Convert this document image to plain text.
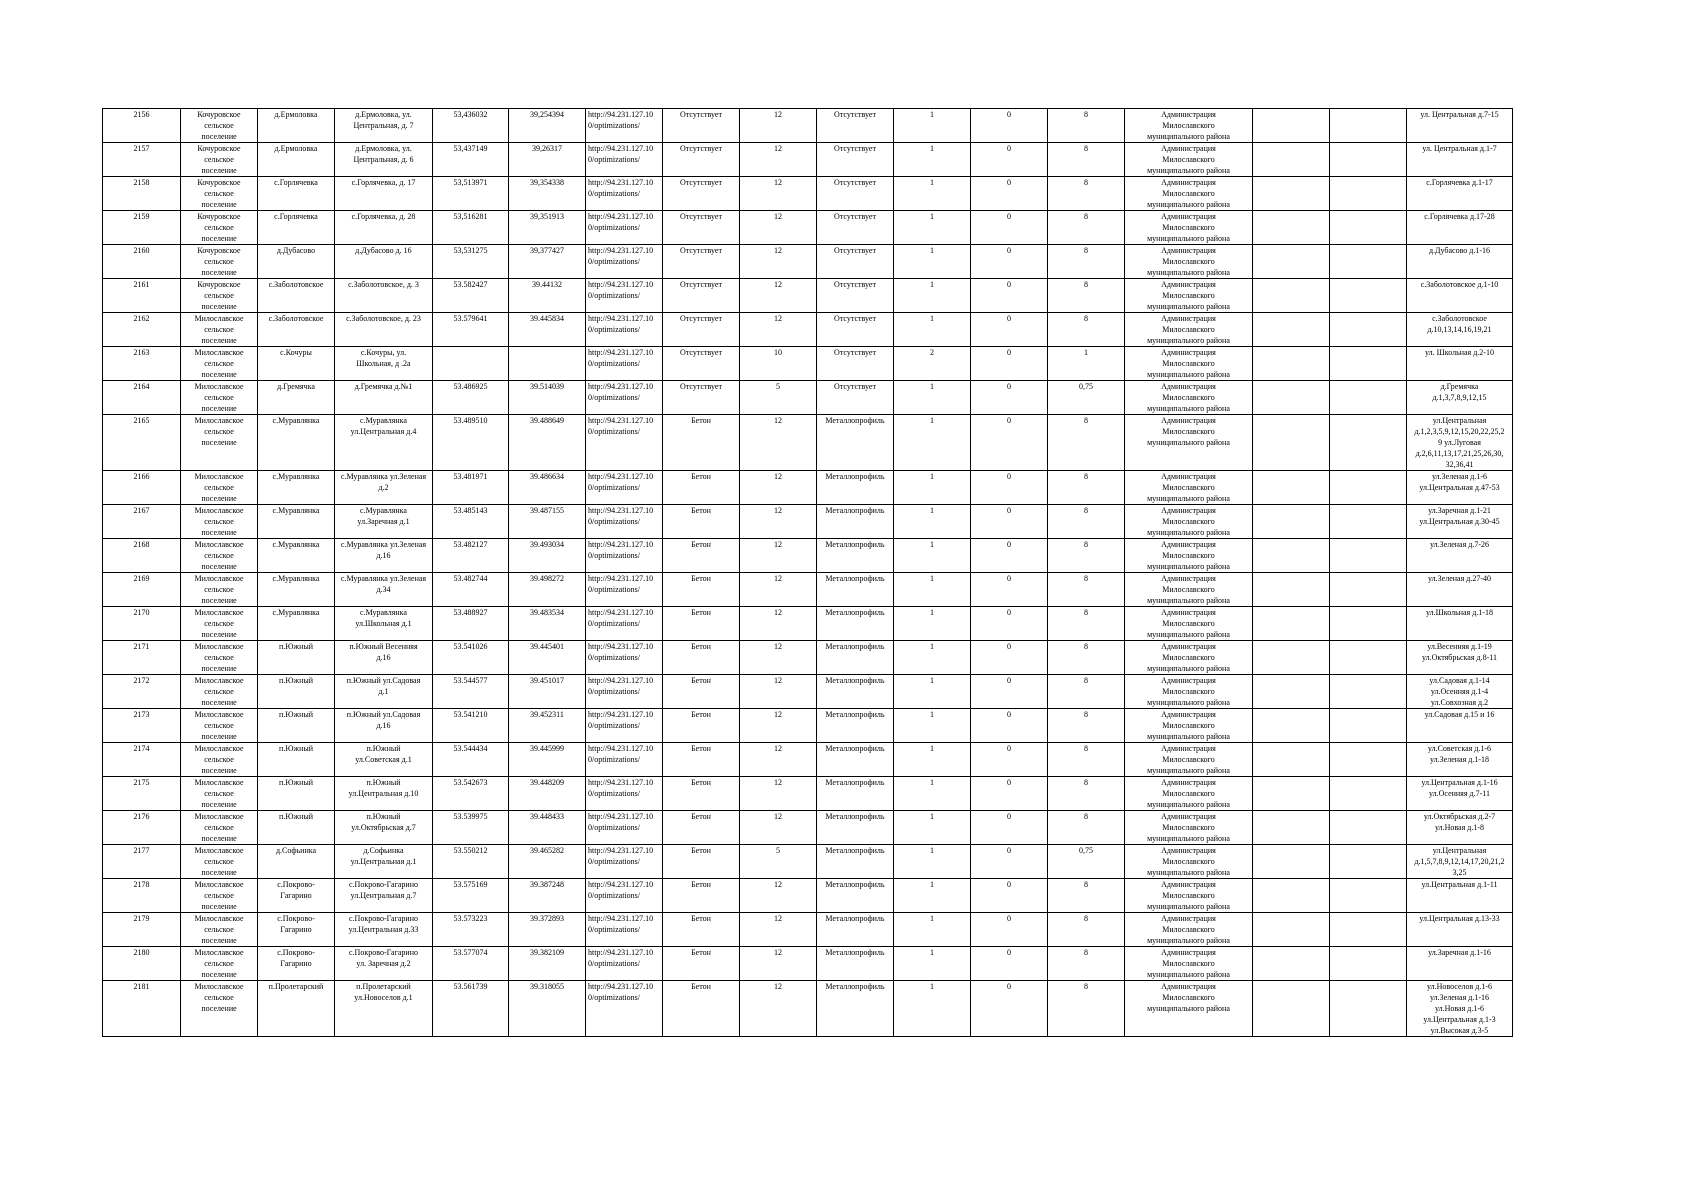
2156	Кочуровское
сельское
поселение	д.Ермоловка	д.Ермоловка, ул.
Центральная, д. 7	53,436032	39,254394	http://94.231.127.10
0/optimizations/	Отсутствует	12	Отсутствует	1	0	8	Администрация
Милославского
муниципального района			ул. Центральная д.7-15
2157	Кочуровское
сельское
поселение	д.Ермоловка	д.Ермоловка, ул.
Центральная, д. 6	53,437149	39,26317	http://94.231.127.10
0/optimizations/	Отсутствует	12	Отсутствует	1	0	8	Администрация
Милославского
муниципального района			ул. Центральная д.1-7
2158	Кочуровское
сельское
поселение	с.Горлячевка	с.Горлячевка, д. 17	53,513971	39,354338	http://94.231.127.10
0/optimizations/	Отсутствует	12	Отсутствует	1	0	8	Администрация
Милославского
муниципального района			с.Горлячевка д.1-17
2159	Кочуровское
сельское
поселение	с.Горлячевка	с.Горлячевка, д. 28	53,516281	39,351913	http://94.231.127.10
0/optimizations/	Отсутствует	12	Отсутствует	1	0	8	Администрация
Милославского
муниципального района			с.Горлячевка д.17-28
2160	Кочуровское
сельское
поселение	д.Дубасово	д.Дубасово д. 16	53,531275	39,377427	http://94.231.127.10
0/optimizations/	Отсутствует	12	Отсутствует	1	0	8	Администрация
Милославского
муниципального района			д.Дубасово д.1-16
2161	Кочуровское
сельское
поселение	с.Заболотовское	с.Заболотовское, д. 3	53.582427	39.44132	http://94.231.127.10
0/optimizations/	Отсутствует	12	Отсутствует	1	0	8	Администрация
Милославского
муниципального района			с.Заболотовское д.1-10
2162	Милославское
сельское
поселение	с.Заболотовское	с.Заболотовское, д. 23	53.579641	39.445834	http://94.231.127.10
0/optimizations/	Отсутствует	12	Отсутствует	1	0	8	Администрация
Милославского
муниципального района			с.Заболотовское
д.10,13,14,16,19,21
2163	Милославское
сельское
поселение	с.Кочуры	с.Кочуры, ул.
Школьная, д .2а			http://94.231.127.10
0/optimizations/	Отсутствует	10	Отсутствует	2	0	1	Администрация
Милославского
муниципального района			ул. Школьная д.2-10
2164	Милославское
сельское
поселение	д.Гремячка	д.Гремячка д.№1	53.486925	39.514039	http://94.231.127.10
0/optimizations/	Отсутствует	5	Отсутствует	1	0	0,75	Администрация
Милославского
муниципального района			д.Гремячка
д.1,3,7,8,9,12,15
2165	Милославское
сельское
поселение	с.Муравлянка	с.Муравлянка
ул.Центральная д.4	53.489510	39.488649	http://94.231.127.10
0/optimizations/	Бетон	12	Металлопрофиль	1	0	8	Администрация
Милославского
муниципального района			ул.Центральная
д.1,2,3,5,9,12,15,20,22,25,2
9 ул.Луговая
д.2,6,11,13,17,21,25,26,30,
32,36,41
2166	Милославское
сельское
поселение	с.Муравлянка	с.Муравлянка ул.Зеленая
д.2	53.481971	39.486634	http://94.231.127.10
0/optimizations/	Бетон	12	Металлопрофиль	1	0	8	Администрация
Милославского
муниципального района			ул.Зеленая д.1-6
ул.Центральная д.47-53
2167	Милославское
сельское
поселение	с.Муравлянка	с.Муравлянка
ул.Заречная д.1	53.485143	39.487155	http://94.231.127.10
0/optimizations/	Бетон	12	Металлопрофиль	1	0	8	Администрация
Милославского
муниципального района			ул.Заречная д.1-21
ул.Центральная д.30-45
2168	Милославское
сельское
поселение	с.Муравлянка	с.Муравлянка ул.Зеленая
д.16	53.482127	39.493034	http://94.231.127.10
0/optimizations/	Бетон	12	Металлопрофиль	1	0	8	Администрация
Милославского
муниципального района			ул.Зеленая д.7-26
2169	Милославское
сельское
поселение	с.Муравлянка	с.Муравлянка ул.Зеленая
д.34	53.482744	39.498272	http://94.231.127.10
0/optimizations/	Бетон	12	Металлопрофиль	1	0	8	Администрация
Милославского
муниципального района			ул.Зеленая д.27-40
2170	Милославское
сельское
поселение	с.Муравлянка	с.Муравлянка
ул.Школьная д.1	53.488927	39.483534	http://94.231.127.10
0/optimizations/	Бетон	12	Металлопрофиль	1	0	8	Администрация
Милославского
муниципального района			ул.Школьная д.1-18
2171	Милославское
сельское
поселение	п.Южный	п.Южный Весенняя
д.16	53.541026	39.445401	http://94.231.127.10
0/optimizations/	Бетон	12	Металлопрофиль	1	0	8	Администрация
Милославского
муниципального района			ул.Весенняя д.1-19
ул.Октябрьская д.8-11
2172	Милославское
сельское
поселение	п.Южный	п.Южный ул.Садовая
д.1	53.544577	39.451017	http://94.231.127.10
0/optimizations/	Бетон	12	Металлопрофиль	1	0	8	Администрация
Милославского
муниципального района			ул.Садовая д.1-14
ул.Осенняя д.1-4
ул.Совхозная д.2
2173	Милославское
сельское
поселение	п.Южный	п.Южный ул.Садовая
д.16	53.541210	39.452311	http://94.231.127.10
0/optimizations/	Бетон	12	Металлопрофиль	1	0	8	Администрация
Милославского
муниципального района			ул.Садовая д.15 и 16
2174	Милославское
сельское
поселение	п.Южный	п.Южный
ул.Советская д.1	53.544434	39.445999	http://94.231.127.10
0/optimizations/	Бетон	12	Металлопрофиль	1	0	8	Администрация
Милославского
муниципального района			ул.Советская д.1-6
ул.Зеленая д.1-18
2175	Милославское
сельское
поселение	п.Южный	п.Южный
ул.Центральная д.10	53.542673	39.448209	http://94.231.127.10
0/optimizations/	Бетон	12	Металлопрофиль	1	0	8	Администрация
Милославского
муниципального района			ул.Центральная д.1-16
ул.Осенняя д.7-11
2176	Милославское
сельское
поселение	п.Южный	п.Южный
ул.Октябрьская д.7	53.539975	39.448433	http://94.231.127.10
0/optimizations/	Бетон	12	Металлопрофиль	1	0	8	Администрация
Милославского
муниципального района			ул.Октябрьская д.2-7
ул.Новая д.1-8
2177	Милославское
сельское
поселение	д.Софьинка	д.Софьинка
ул.Центральная д.1	53.550212	39.465282	http://94.231.127.10
0/optimizations/	Бетон	5	Металлопрофиль	1	0	0,75	Администрация
Милославского
муниципального района			ул.Центральная
д.1,5,7,8,9,12,14,17,20,21,2
3,25
2178	Милославское
сельское
поселение	с.Покрово-
Гагарино	с.Покрово-Гагарино
ул.Центральная д.7	53.575169	39.387248	http://94.231.127.10
0/optimizations/	Бетон	12	Металлопрофиль	1	0	8	Администрация
Милославского
муниципального района			ул.Центральная д.1-11
2179	Милославское
сельское
поселение	с.Покрово-
Гагарино	с.Покрово-Гагарино
ул.Центральная д.33	53.573223	39.372893	http://94.231.127.10
0/optimizations/	Бетон	12	Металлопрофиль	1	0	8	Администрация
Милославского
муниципального района			ул.Центральная д.13-33
2180	Милославское
сельское
поселение	с.Покрово-
Гагарино	с.Покрово-Гагарино
ул. Заречная д.2	53.577074	39.382109	http://94.231.127.10
0/optimizations/	Бетон	12	Металлопрофиль	1	0	8	Администрация
Милославского
муниципального района			ул.Заречная д.1-16
2181	Милославское
сельское
поселение	п.Пролетарский	п.Пролетарский
ул.Новоселов д.1	53.561739	39.318055	http://94.231.127.10
0/optimizations/	Бетон	12	Металлопрофиль	1	0	8	Администрация
Милославского
муниципального района			ул.Новоселов д.1-6
ул.Зеленая д.1-16
ул.Новая д.1-6
ул.Центральная д.1-3
ул.Высокая д.3-5
